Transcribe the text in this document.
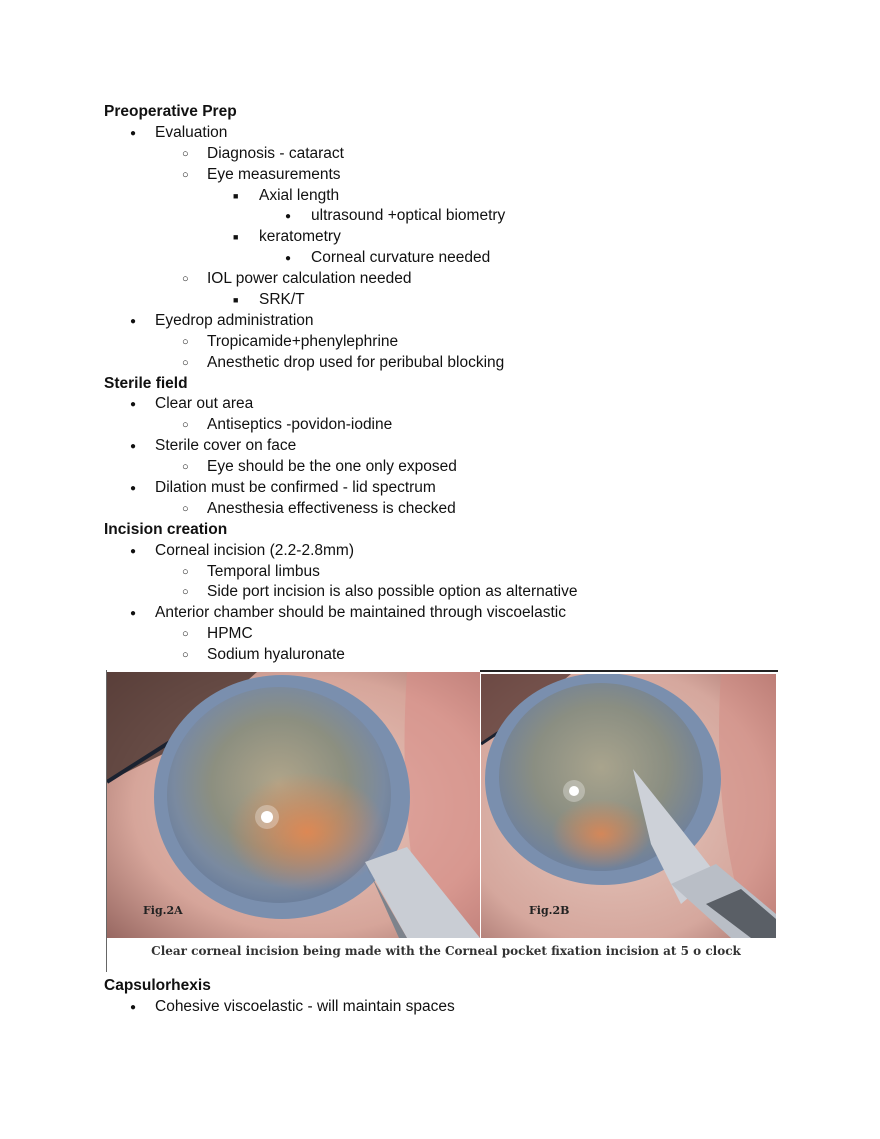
Preoperative Prep
●
Evaluation
○
Diagnosis - cataract
○
Eye measurements
■
Axial length
●
ultrasound +optical biometry
■
keratometry
●
Corneal curvature needed
○
IOL power calculation needed
■
SRK/T
●
Eyedrop administration
○
Tropicamide+phenylephrine
○
Anesthetic drop used for peribubal blocking
Sterile field
●
Clear out area
○
Antiseptics -povidon-iodine
●
Sterile cover on face
○
Eye should be the one only exposed
●
Dilation must be confirmed - lid spectrum
○
Anesthesia effectiveness is checked
Incision creation
●
Corneal incision (2.2-2.8mm)
○
Temporal limbus
○
Side port incision is also possible option as alternative
●
Anterior chamber should be maintained through viscoelastic
○
HPMC
○
Sodium hyaluronate
Fig.2A	Fig.2B
Clear corneal incision being made with the Corneal pocket fixation incision at 5 o clock
Capsulorhexis
●
Cohesive viscoelastic - will maintain spaces
